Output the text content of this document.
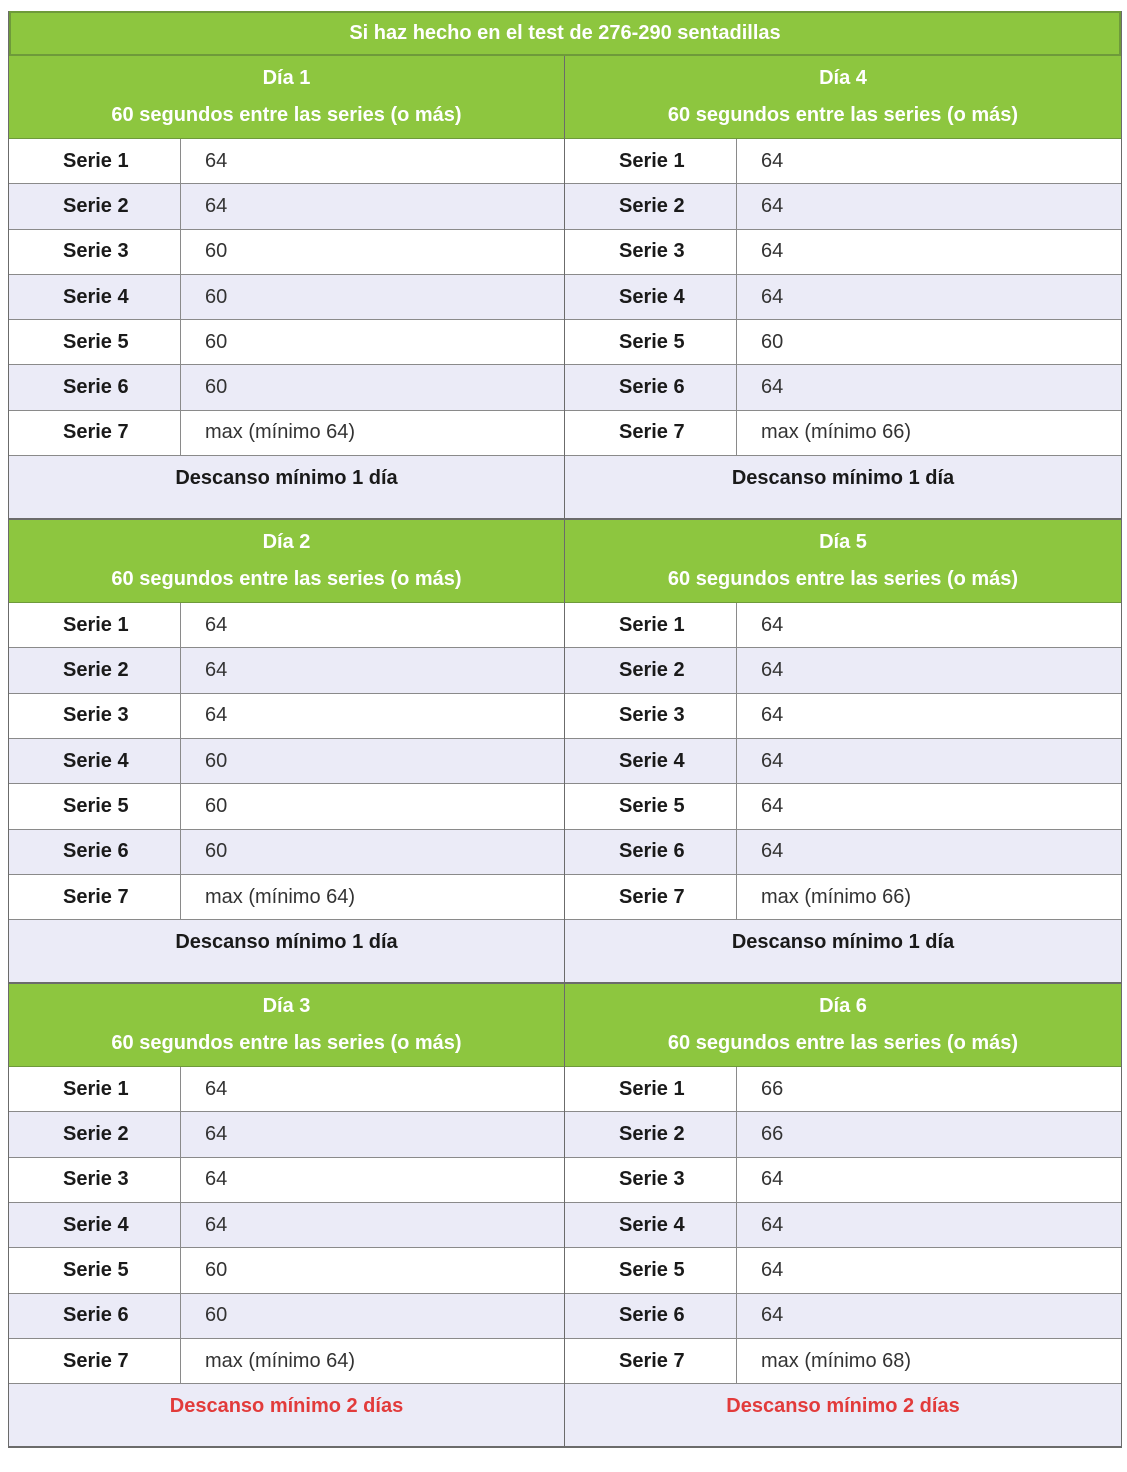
Si haz hecho en el test de 276-290 sentadillas
Día 1
60 segundos entre las series (o más)
Serie 1	64
Serie 2	64
Serie 3	60
Serie 4	60
Serie 5	60
Serie 6	60
Serie 7	max (mínimo 64)
Descanso mínimo 1 día
Día 4
60 segundos entre las series (o más)
Serie 1	64
Serie 2	64
Serie 3	64
Serie 4	64
Serie 5	60
Serie 6	64
Serie 7	max (mínimo 66)
Descanso mínimo 1 día
Día 2
60 segundos entre las series (o más)
Serie 1	64
Serie 2	64
Serie 3	64
Serie 4	60
Serie 5	60
Serie 6	60
Serie 7	max (mínimo 64)
Descanso mínimo 1 día
Día 5
60 segundos entre las series (o más)
Serie 1	64
Serie 2	64
Serie 3	64
Serie 4	64
Serie 5	64
Serie 6	64
Serie 7	max (mínimo 66)
Descanso mínimo 1 día
Día 3
60 segundos entre las series (o más)
Serie 1	64
Serie 2	64
Serie 3	64
Serie 4	64
Serie 5	60
Serie 6	60
Serie 7	max (mínimo 64)
Descanso mínimo 2 días
Día 6
60 segundos entre las series (o más)
Serie 1	66
Serie 2	66
Serie 3	64
Serie 4	64
Serie 5	64
Serie 6	64
Serie 7	max (mínimo 68)
Descanso mínimo 2 días
